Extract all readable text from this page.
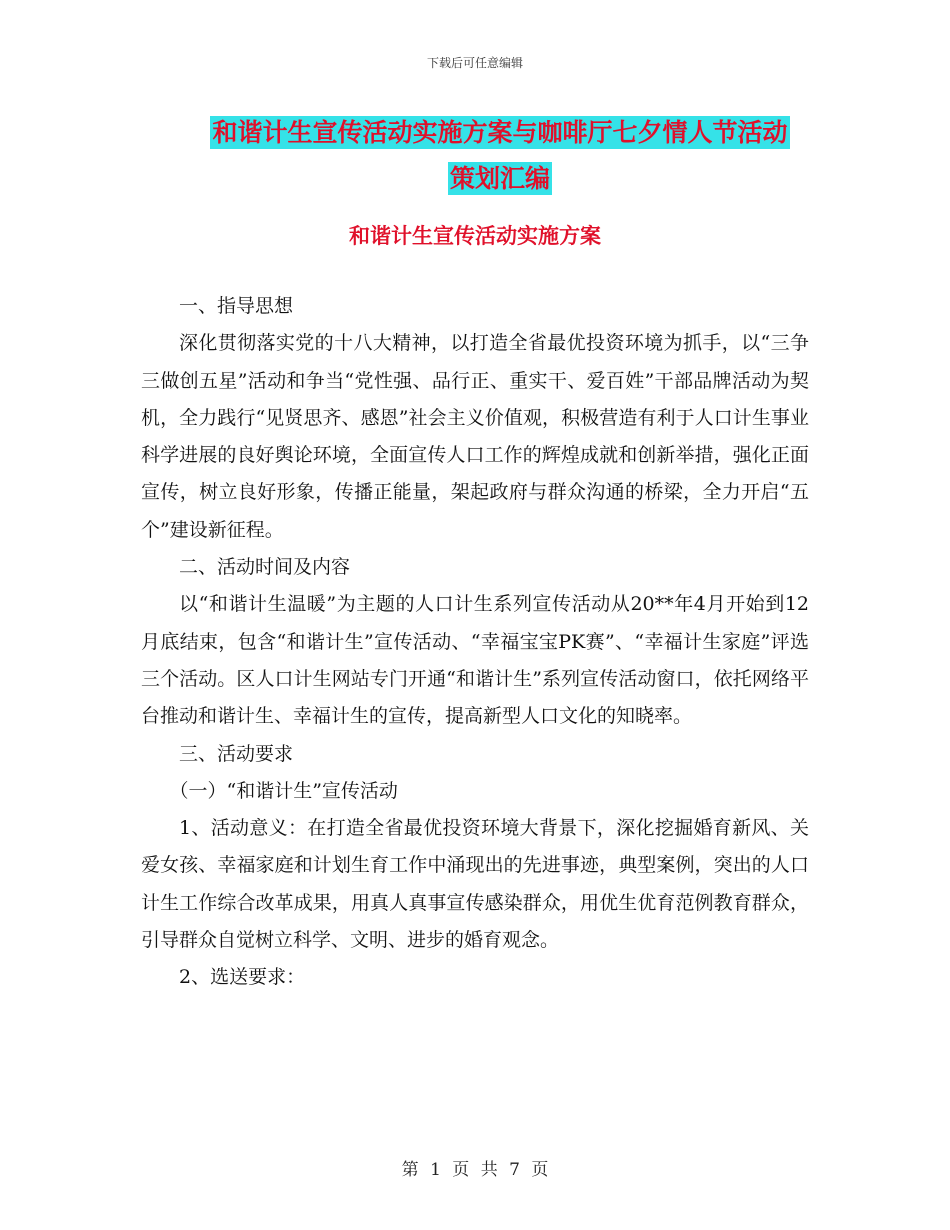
下载后可任意编辑
和谐计生宣传活动实施方案与咖啡厅七夕情人节活动
策划汇编
和谐计生宣传活动实施方案

一、指导思想

深化贯彻落实党的十八大精神，以打造全省最优投资环境为抓手，以“三争三做创五星”活动和争当“党性强、品行正、重实干、爱百姓”干部品牌活动为契机，全力践行“见贤思齐、感恩”社会主义价值观，积极营造有利于人口计生事业科学进展的良好舆论环境，全面宣传人口工作的辉煌成就和创新举措，强化正面宣传，树立良好形象，传播正能量，架起政府与群众沟通的桥梁，全力开启“五个”建设新征程。

二、活动时间及内容

以“和谐计生温暖”为主题的人口计生系列宣传活动从20**年4月开始到12月底结束，包含“和谐计生”宣传活动、“幸福宝宝PK赛”、“幸福计生家庭”评选三个活动。区人口计生网站专门开通“和谐计生”系列宣传活动窗口，依托网络平台推动和谐计生、幸福计生的宣传，提高新型人口文化的知晓率。

三、活动要求

（一）“和谐计生”宣传活动

1、活动意义：在打造全省最优投资环境大背景下，深化挖掘婚育新风、关爱女孩、幸福家庭和计划生育工作中涌现出的先进事迹，典型案例，突出的人口计生工作综合改革成果，用真人真事宣传感染群众，用优生优育范例教育群众，引导群众自觉树立科学、文明、进步的婚育观念。

2、选送要求：

第 1 页 共 7 页
